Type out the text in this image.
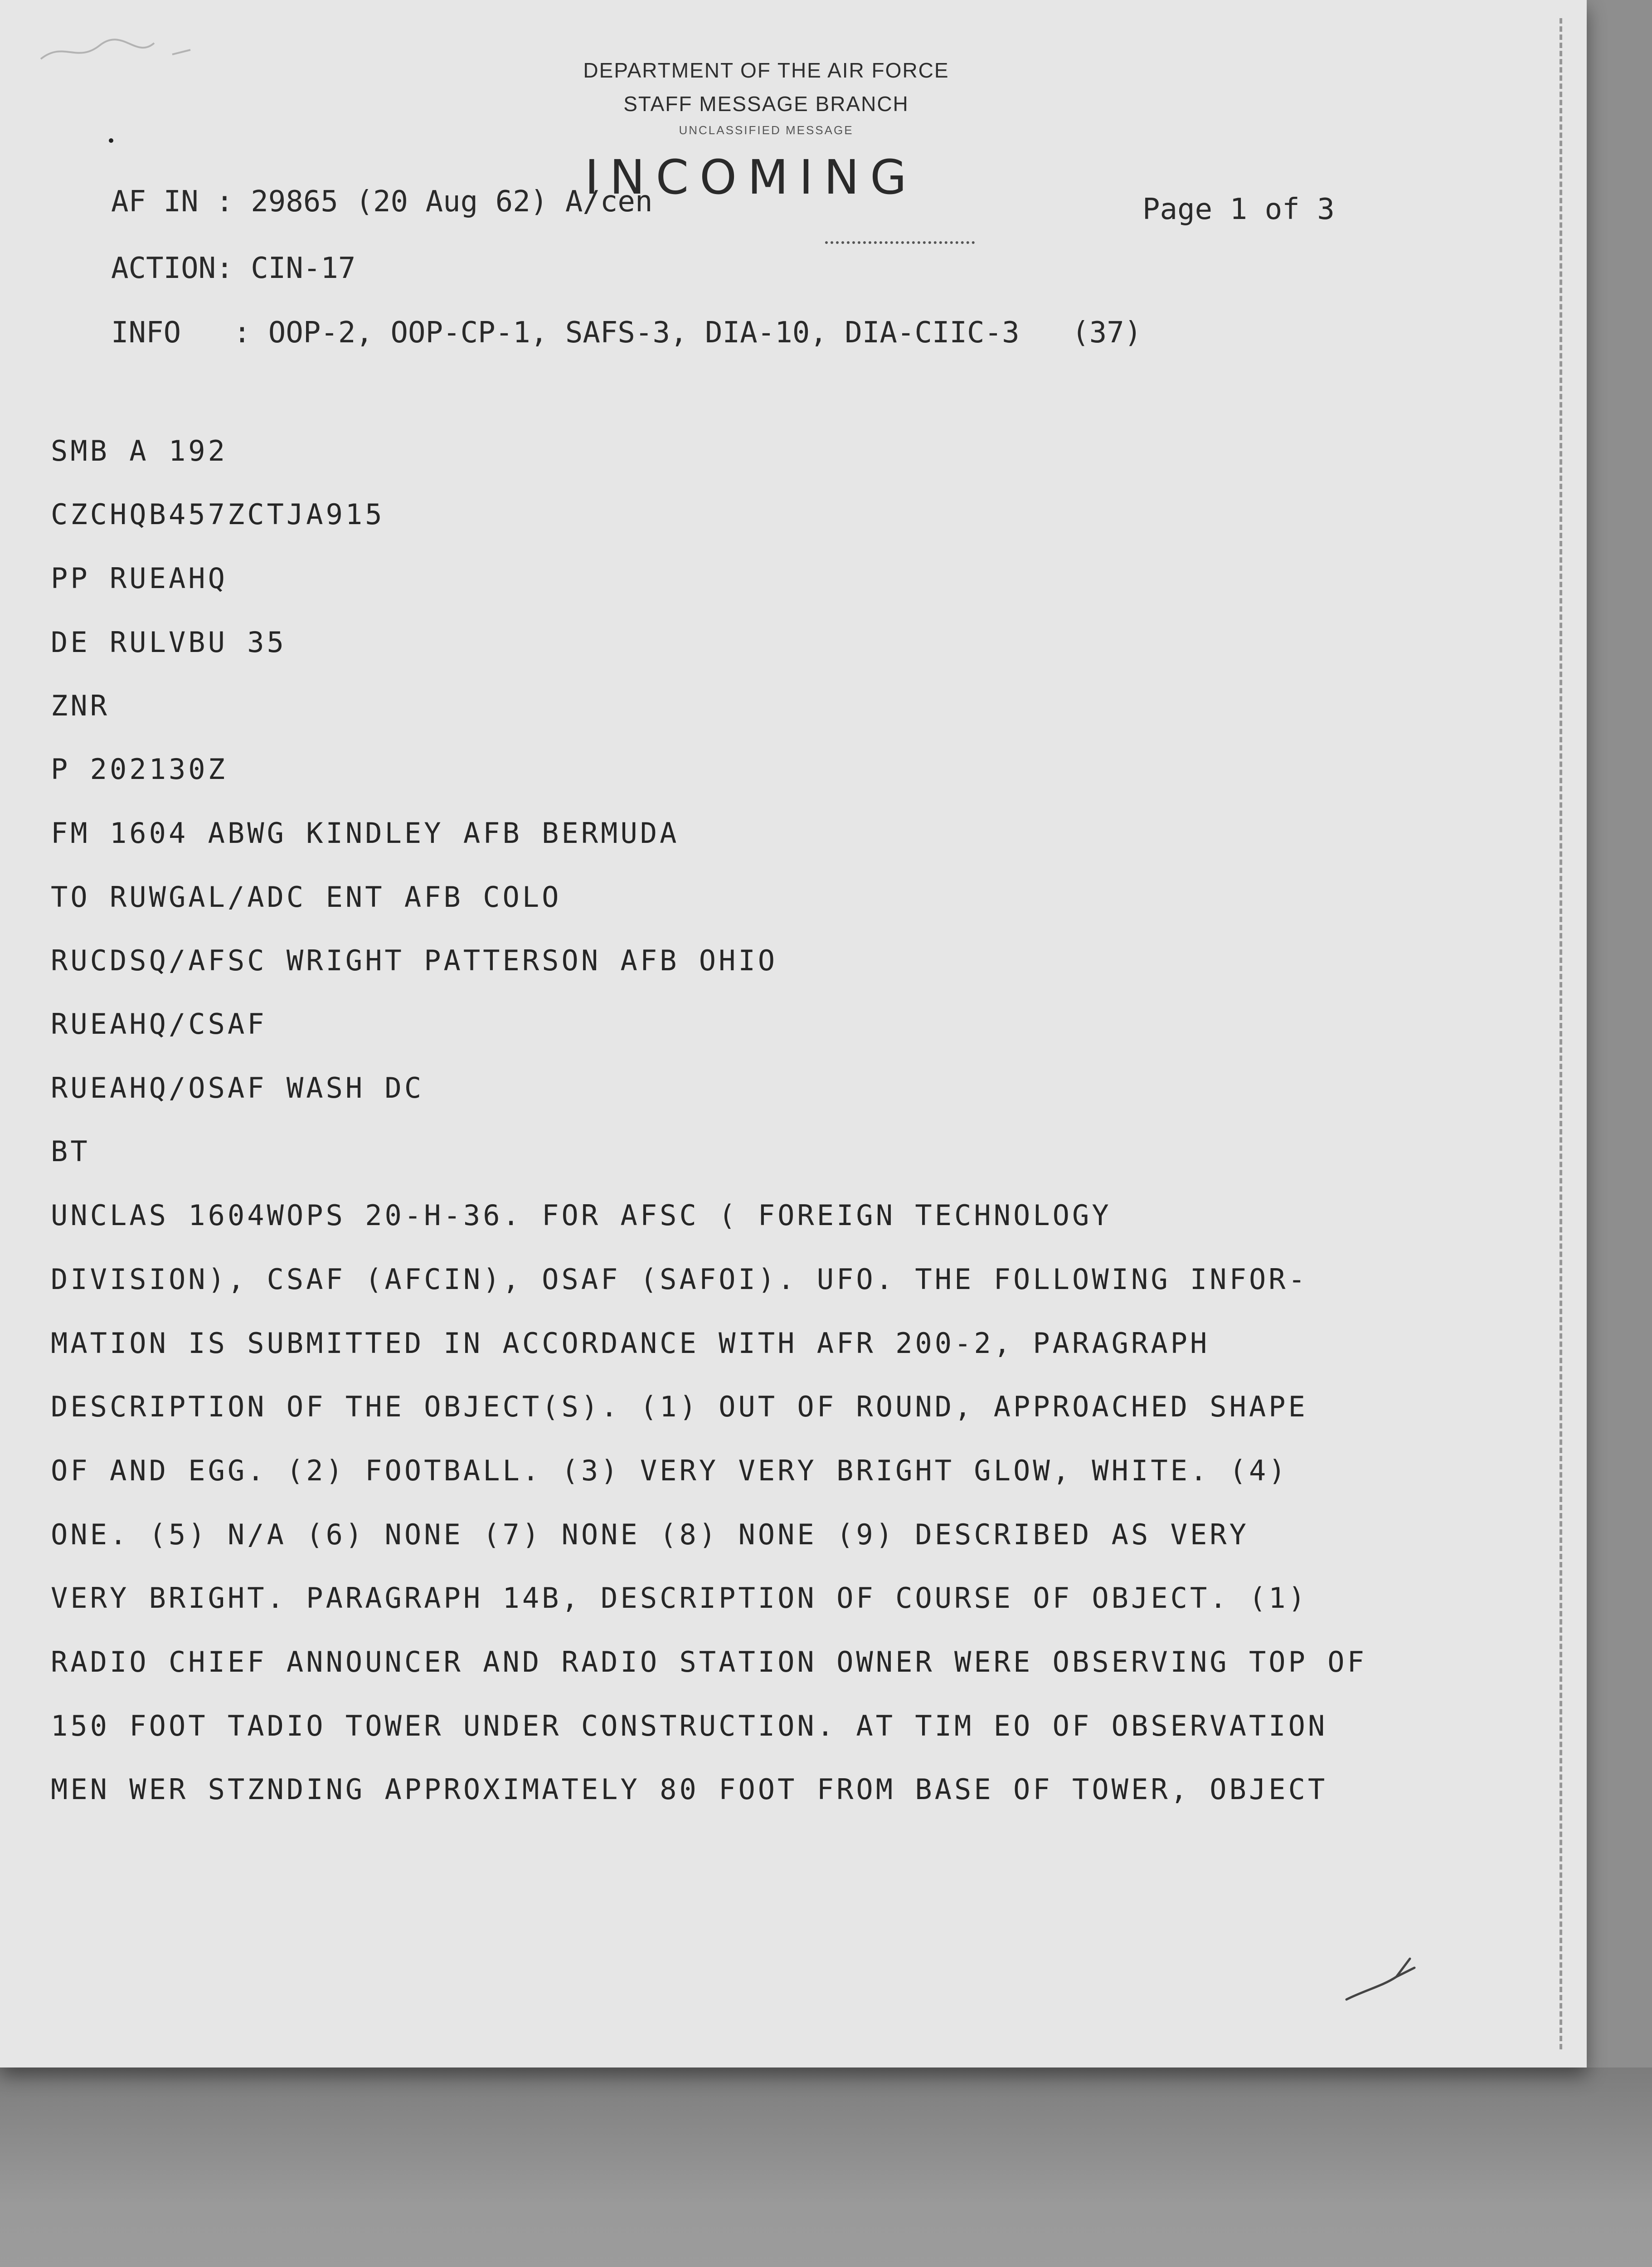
DEPARTMENT OF THE AIR FORCE
STAFF MESSAGE BRANCH
UNCLASSIFIED MESSAGE
INCOMING
AF IN : 29865 (20 Aug 62) A/cen	Page 1 of 3
ACTION: CIN-17
INFO   : OOP-2, OOP-CP-1, SAFS-3, DIA-10, DIA-CIIC-3   (37)
SMB A 192
CZCHQB457ZCTJA915
PP RUEAHQ
DE RULVBU 35
ZNR
P 202130Z
FM 1604 ABWG KINDLEY AFB BERMUDA
TO RUWGAL/ADC ENT AFB COLO
RUCDSQ/AFSC WRIGHT PATTERSON AFB OHIO
RUEAHQ/CSAF
RUEAHQ/OSAF WASH DC
BT
UNCLAS 1604WOPS 20-H-36. FOR AFSC ( FOREIGN TECHNOLOGY
DIVISION), CSAF (AFCIN), OSAF (SAFOI). UFO. THE FOLLOWING INFOR-
MATION IS SUBMITTED IN ACCORDANCE WITH AFR 200-2, PARAGRAPH
DESCRIPTION OF THE OBJECT(S). (1) OUT OF ROUND, APPROACHED SHAPE
OF AND EGG. (2) FOOTBALL. (3) VERY VERY BRIGHT GLOW, WHITE. (4)
ONE. (5) N/A (6) NONE (7) NONE (8) NONE (9) DESCRIBED AS VERY
VERY BRIGHT. PARAGRAPH 14B, DESCRIPTION OF COURSE OF OBJECT. (1)
RADIO CHIEF ANNOUNCER AND RADIO STATION OWNER WERE OBSERVING TOP OF
150 FOOT TADIO TOWER UNDER CONSTRUCTION. AT TIM EO OF OBSERVATION
MEN WER STZNDING APPROXIMATELY 80 FOOT FROM BASE OF TOWER, OBJECT
